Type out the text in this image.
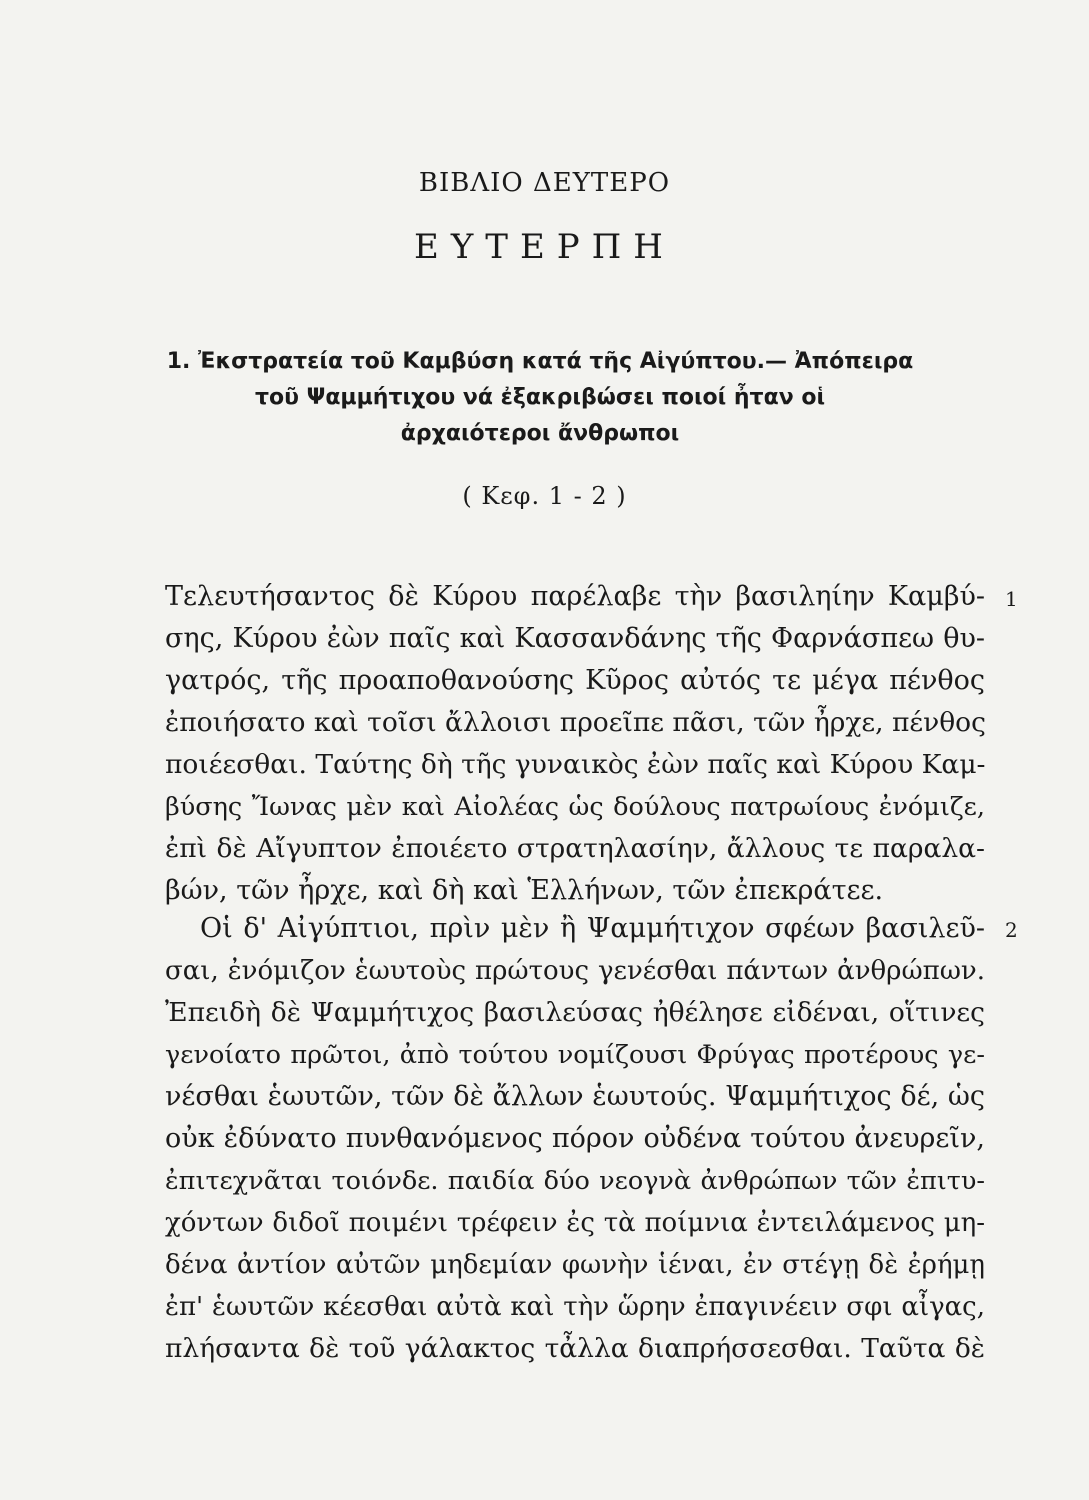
ΒΙΒΛΙΟ ΔΕΥΤΕΡΟ
ΕΥΤΕΡΠΗ
1. Ἐκστρατεία τοῦ Καμβύση κατά τῆς Αἰγύπτου.— Ἀπόπειρα
τοῦ Ψαμμήτιχου νά ἐξακριβώσει ποιοί ἦταν οἱ
ἀρχαιότεροι ἄνθρωποι
( Κεφ. 1 - 2 )
1
2
Τελευτήσαντος δὲ Κύρου παρέλαβε τὴν βασιληίην Καμβύ-
σης, Κύρου ἐὼν παῖς καὶ Κασσανδάνης τῆς Φαρνάσπεω θυ-
γατρός, τῆς προαποθανούσης Κῦρος αὐτός τε μέγα πένθος
ἐποιήσατο καὶ τοῖσι ἄλλοισι προεῖπε πᾶσι, τῶν ἦρχε, πένθος
ποιέεσθαι. Ταύτης δὴ τῆς γυναικὸς ἐὼν παῖς καὶ Κύρου Καμ-
βύσης Ἴωνας μὲν καὶ Αἰολέας ὡς δούλους πατρωίους ἐνόμιζε,
ἐπὶ δὲ Αἴγυπτον ἐποιέετο στρατηλασίην, ἄλλους τε παραλα-
βών, τῶν ἦρχε, καὶ δὴ καὶ Ἑλλήνων, τῶν ἐπεκράτεε.
Οἱ δ' Αἰγύπτιοι, πρὶν μὲν ἢ Ψαμμήτιχον σφέων βασιλεῦ-
σαι, ἐνόμιζον ἑωυτοὺς πρώτους γενέσθαι πάντων ἀνθρώπων.
Ἐπειδὴ δὲ Ψαμμήτιχος βασιλεύσας ἠθέλησε εἰδέναι, οἵτινες
γενοίατο πρῶτοι, ἀπὸ τούτου νομίζουσι Φρύγας προτέρους γε-
νέσθαι ἑωυτῶν, τῶν δὲ ἄλλων ἑωυτούς. Ψαμμήτιχος δέ, ὡς
οὐκ ἐδύνατο πυνθανόμενος πόρον οὐδένα τούτου ἀνευρεῖν,
ἐπιτεχνᾶται τοιόνδε. παιδία δύο νεογνὰ ἀνθρώπων τῶν ἐπιτυ-
χόντων διδοῖ ποιμένι τρέφειν ἐς τὰ ποίμνια ἐντειλάμενος μη-
δένα ἀντίον αὐτῶν μηδεμίαν φωνὴν ἱέναι, ἐν στέγῃ δὲ ἐρήμῃ
ἐπ' ἑωυτῶν κέεσθαι αὐτὰ καὶ τὴν ὥρην ἐπαγινέειν σφι αἶγας,
πλήσαντα δὲ τοῦ γάλακτος τἆλλα διαπρήσσεσθαι. Ταῦτα δὲ
